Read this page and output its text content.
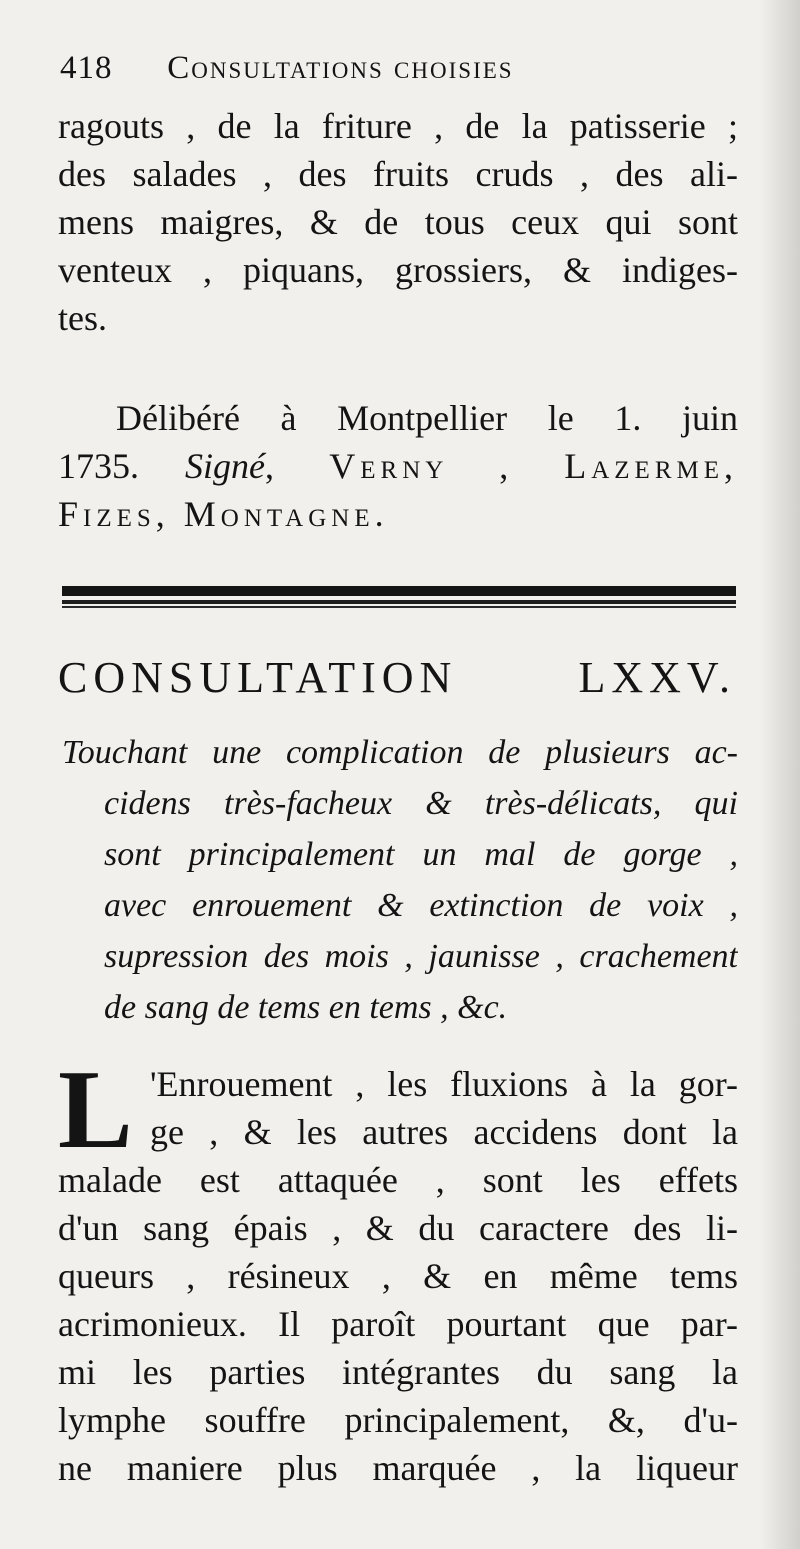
418 Consultations choisies
ragouts , de la friture , de la patisserie ;
des salades , des fruits cruds , des ali-
mens maigres, & de tous ceux qui sont
venteux , piquans, grossiers, & indiges-
tes.
Délibéré à Montpellier le 1. juin
1735. Signé, Verny , Lazerme,
Fizes, Montagne.
CONSULTATION LXXV.
Touchant une complication de plusieurs ac-
cidens très-facheux & très-délicats, qui
sont principalement un mal de gorge ,
avec enrouement & extinction de voix ,
supression des mois , jaunisse , crachement
de sang de tems en tems , &c.
L 'Enrouement , les fluxions à la gor-
ge , & les autres accidens dont la
malade est attaquée , sont les effets
d'un sang épais , & du caractere des li-
queurs , résineux , & en même tems
acrimonieux. Il paroît pourtant que par-
mi les parties intégrantes du sang la
lymphe souffre principalement, &, d'u-
ne maniere plus marquée , la liqueur
